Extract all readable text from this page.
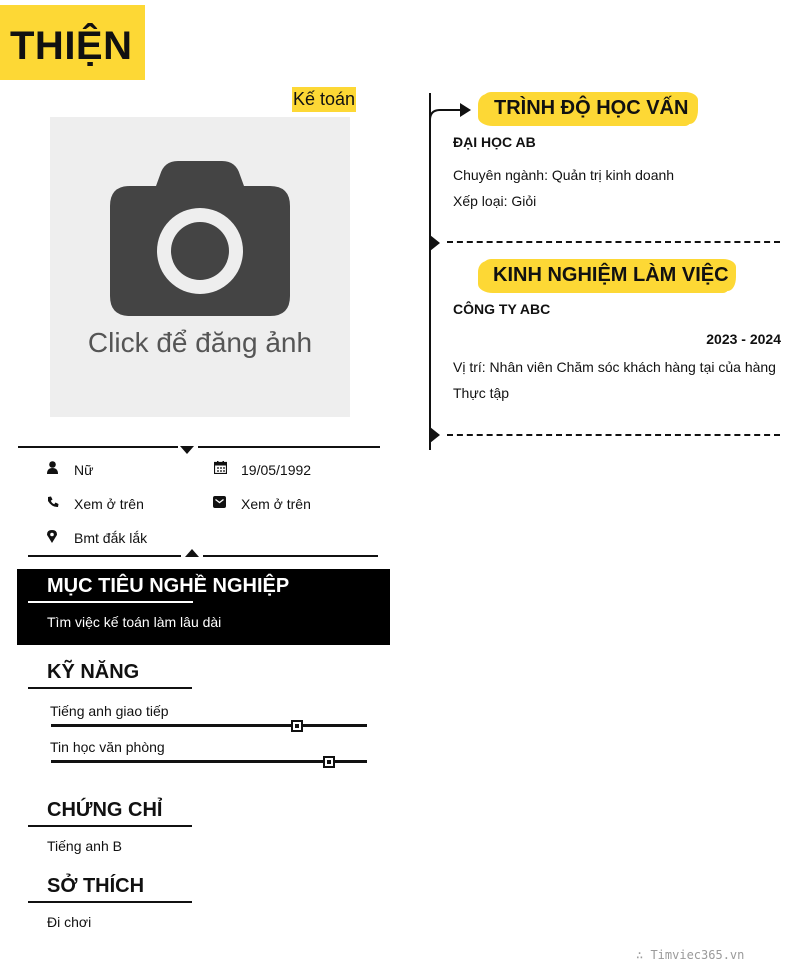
THIỆN
Kế toán
Click để đăng ảnh
Nữ	19/05/1992
Xem ở trên	Xem ở trên
Bmt đắk lắk
MỤC TIÊU NGHỀ NGHIỆP
Tìm việc kế toán làm lâu dài
KỸ NĂNG
Tiếng anh giao tiếp
Tin học văn phòng
CHỨNG CHỈ
Tiếng anh B
SỞ THÍCH
Đi chơi
TRÌNH ĐỘ HỌC VẤN
ĐẠI HỌC AB
Chuyên ngành: Quản trị kinh doanh
Xếp loại: Giỏi
KINH NGHIỆM LÀM VIỆC
CÔNG TY ABC
2023 - 2024
Vị trí: Nhân viên Chăm sóc khách hàng tại của hàng
Thực tập
∴ Timviec365.vn
